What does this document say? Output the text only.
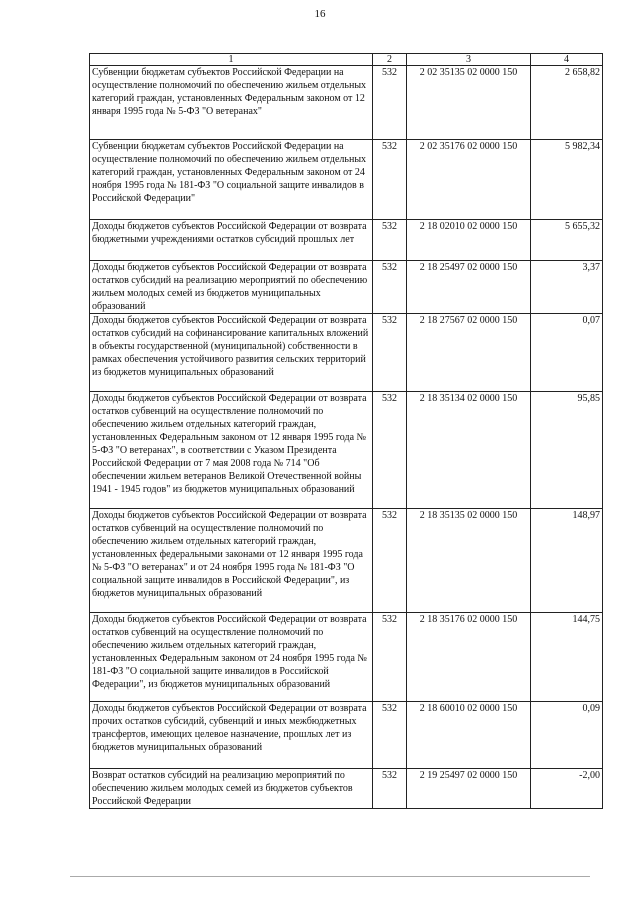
16
1	2	3	4
Субвенции бюджетам субъектов Российской Федерации на осуществление полномочий по обеспечению жильем отдельных категорий граждан, установленных Федеральным законом от 12 января 1995 года № 5-ФЗ "О ветеранах"	532	2 02 35135 02 0000 150	2 658,82
Субвенции бюджетам субъектов Российской Федерации на осуществление полномочий по обеспечению жильем отдельных категорий граждан, установленных Федеральным законом от 24 ноября 1995 года № 181-ФЗ "О социальной защите инвалидов в Российской Федерации"	532	2 02 35176 02 0000 150	5 982,34
Доходы бюджетов субъектов Российской Федерации от возврата бюджетными учреждениями остатков субсидий прошлых лет	532	2 18 02010 02 0000 150	5 655,32
Доходы бюджетов субъектов Российской Федерации от возврата остатков субсидий на реализацию мероприятий по обеспечению жильем молодых семей из бюджетов муниципальных образований	532	2 18 25497 02 0000 150	3,37
Доходы бюджетов субъектов Российской Федерации от возврата остатков субсидий на софинансирование капитальных вложений в объекты государственной (муниципальной) собственности в рамках обеспечения устойчивого развития сельских территорий из бюджетов муниципальных образований	532	2 18 27567 02 0000 150	0,07
Доходы бюджетов субъектов Российской Федерации от возврата остатков субвенций на осуществление полномочий по обеспечению жильем отдельных категорий граждан, установленных Федеральным законом от 12 января 1995 года № 5-ФЗ "О ветеранах", в соответствии с Указом Президента Российской Федерации от 7 мая 2008 года № 714 "Об обеспечении жильем ветеранов Великой Отечественной войны 1941 - 1945 годов" из бюджетов муниципальных образований	532	2 18 35134 02 0000 150	95,85
Доходы бюджетов субъектов Российской Федерации от возврата остатков субвенций на осуществление полномочий по обеспечению жильем отдельных категорий граждан, установленных федеральными законами от 12 января 1995 года № 5-ФЗ "О ветеранах" и от 24 ноября 1995 года № 181-ФЗ "О социальной защите инвалидов в Российской Федерации", из бюджетов муниципальных образований	532	2 18 35135 02 0000 150	148,97
Доходы бюджетов субъектов Российской Федерации от возврата остатков субвенций на осуществление полномочий по обеспечению жильем отдельных категорий граждан, установленных Федеральным законом от 24 ноября 1995 года № 181-ФЗ "О социальной защите инвалидов в Российской Федерации", из бюджетов муниципальных образований	532	2 18 35176 02 0000 150	144,75
Доходы бюджетов субъектов Российской Федерации от возврата прочих остатков субсидий, субвенций и иных межбюджетных трансфертов, имеющих целевое назначение, прошлых лет из бюджетов муниципальных образований	532	2 18 60010 02 0000 150	0,09
Возврат остатков субсидий на реализацию мероприятий по обеспечению жильем молодых семей из бюджетов субъектов Российской Федерации	532	2 19 25497 02 0000 150	-2,00
